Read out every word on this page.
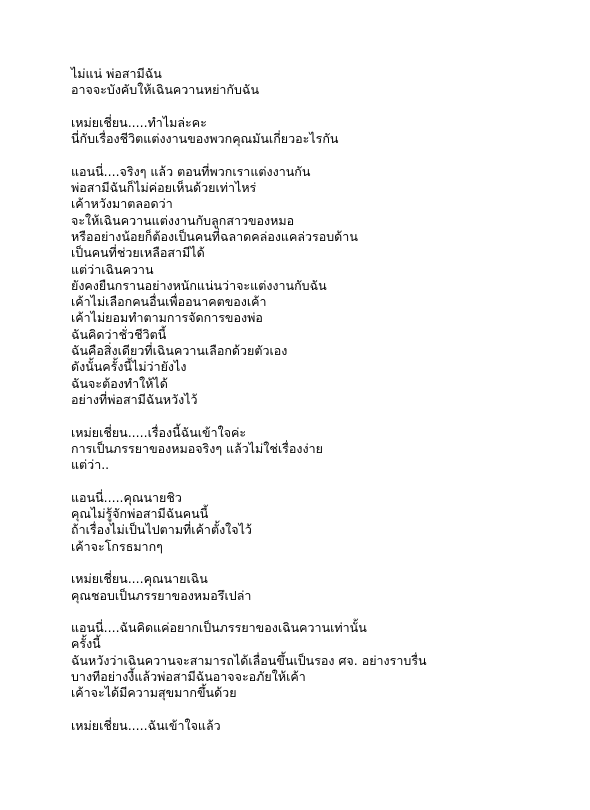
ไม่แน่ พ่อสามีฉัน
อาจจะบังคับให้เฉินควานหย่ากับฉัน
เหม่ยเชี่ยน.....ทำไมล่ะคะ
นี่กับเรื่องชีวิตแต่งงานของพวกคุณมันเกี่ยวอะไรกัน
แอนนี่....จริงๆ แล้ว ตอนที่พวกเราแต่งงานกัน
พ่อสามีฉันก็ไม่ค่อยเห็นด้วยเท่าไหร่
เค้าหวังมาตลอดว่า
จะให้เฉินควานแต่งงานกับลูกสาวของหมอ
หรืออย่างน้อยก็ต้องเป็นคนที่ฉลาดคล่องแคล่วรอบด้าน
เป็นคนที่ช่วยเหลือสามีได้
แต่ว่าเฉินควาน
ยังคงยืนกรานอย่างหนักแน่นว่าจะแต่งงานกับฉัน
เค้าไม่เลือกคนอื่นเพื่ออนาคตของเค้า
เค้าไม่ยอมทำตามการจัดการของพ่อ
ฉันคิดว่าชั่วชีวิตนี้
ฉันคือสิ่งเดียวที่เฉินควานเลือกด้วยตัวเอง
ดังนั้นครั้งนี้ไม่ว่ายังไง
ฉันจะต้องทำให้ได้
อย่างที่พ่อสามีฉันหวังไว้
เหม่ยเชี่ยน.....เรื่องนี้ฉันเข้าใจค่ะ
การเป็นภรรยาของหมอจริงๆ แล้วไม่ใช่เรื่องง่าย
แต่ว่า..
แอนนี่.....คุณนายชิว
คุณไม่รู้จักพ่อสามีฉันคนนี้
ถ้าเรื่องไม่เป็นไปตามที่เค้าตั้งใจไว้
เค้าจะโกรธมากๆ
เหม่ยเชี่ยน....คุณนายเฉิน
คุณชอบเป็นภรรยาของหมอรึเปล่า
แอนนี่....ฉันคิดแค่อยากเป็นภรรยาของเฉินควานเท่านั้น
ครั้งนี้
ฉันหวังว่าเฉินควานจะสามารถได้เลื่อนขึ้นเป็นรอง ศจ. อย่างราบรื่น
บางทีอย่างงี้แล้วพ่อสามีฉันอาจจะอภัยให้เค้า
เค้าจะได้มีความสุขมากขึ้นด้วย
เหม่ยเชี่ยน.....ฉันเข้าใจแล้ว
